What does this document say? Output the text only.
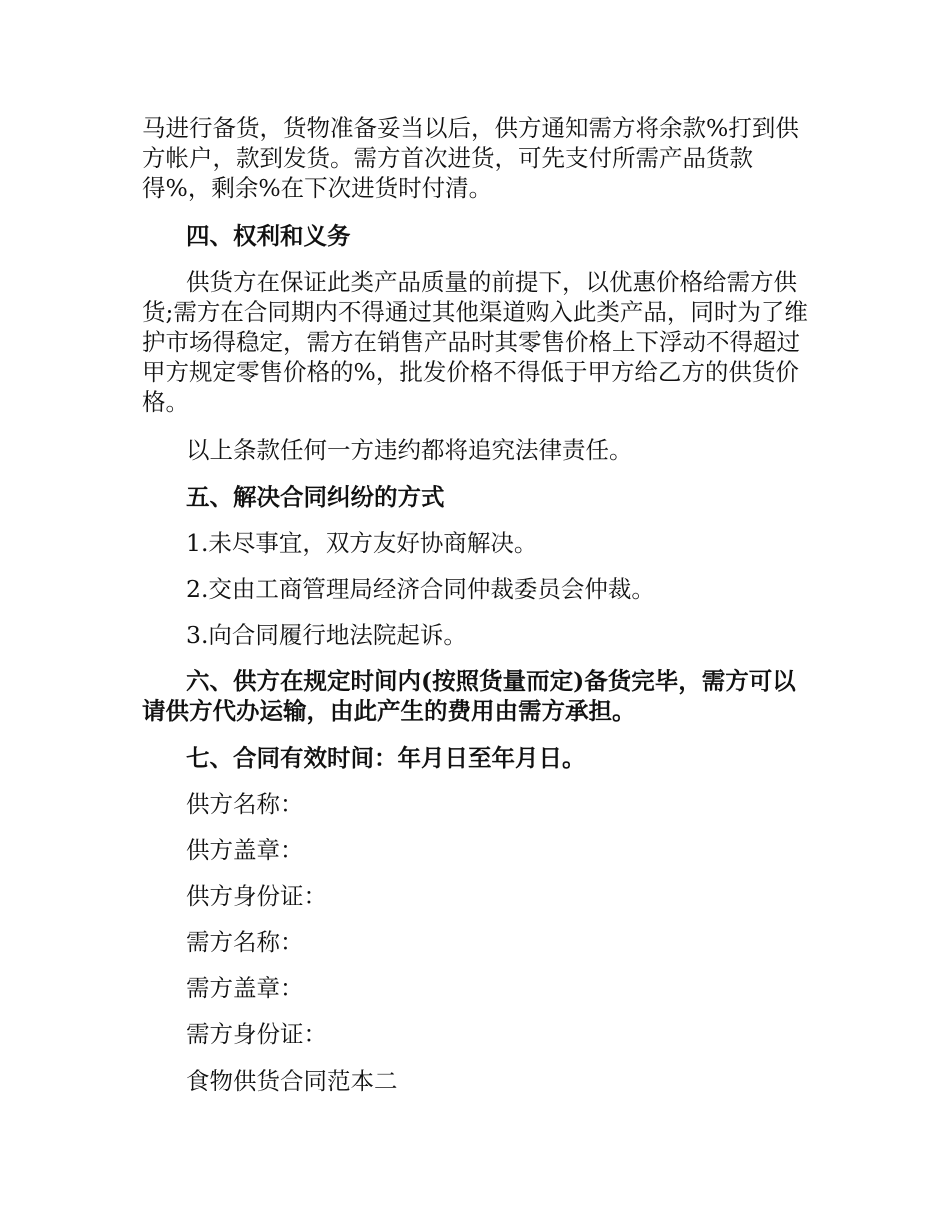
马进行备货，货物准备妥当以后，供方通知需方将余款%打到供方帐户，款到发货。需方首次进货，可先支付所需产品货款得%，剩余%在下次进货时付清。
四、权利和义务
供货方在保证此类产品质量的前提下，以优惠价格给需方供货;需方在合同期内不得通过其他渠道购入此类产品，同时为了维护市场得稳定，需方在销售产品时其零售价格上下浮动不得超过甲方规定零售价格的%，批发价格不得低于甲方给乙方的供货价格。
以上条款任何一方违约都将追究法律责任。
五、解决合同纠纷的方式
1.未尽事宜，双方友好协商解决。
2.交由工商管理局经济合同仲裁委员会仲裁。
3.向合同履行地法院起诉。
六、供方在规定时间内(按照货量而定)备货完毕，需方可以请供方代办运输，由此产生的费用由需方承担。
七、合同有效时间：年月日至年月日。
供方名称：
供方盖章：
供方身份证：
需方名称：
需方盖章：
需方身份证：
食物供货合同范本二
